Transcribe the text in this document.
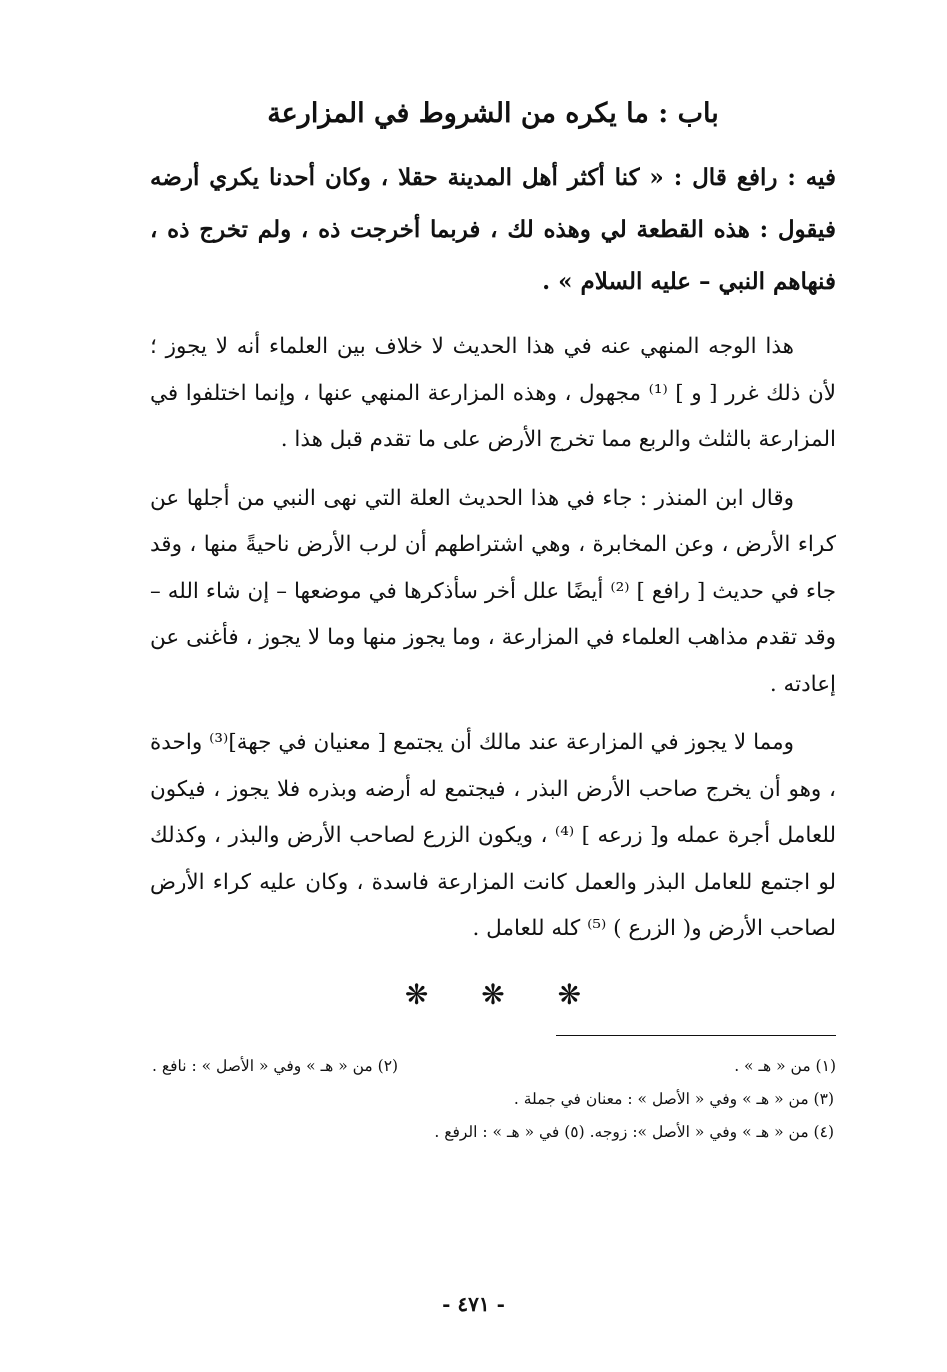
باب : ما يكره من الشروط في المزارعة

فيه : رافع قال : « كنا أكثر أهل المدينة حقلا ، وكان أحدنا يكري أرضه فيقول : هذه القطعة لي وهذه لك ، فربما أخرجت ذه ، ولم تخرج ذه ، فنهاهم النبي – عليه السلام » .

هذا الوجه المنهي عنه في هذا الحديث لا خلاف بين العلماء أنه لا يجوز ؛ لأن ذلك غرر [ و ] ⁽¹⁾ مجهول ، وهذه المزارعة المنهي عنها ، وإنما اختلفوا في المزارعة بالثلث والربع مما تخرج الأرض على ما تقدم قبل هذا .

وقال ابن المنذر : جاء في هذا الحديث العلة التي نهى النبي من أجلها عن كراء الأرض ، وعن المخابرة ، وهي اشتراطهم أن لرب الأرض ناحيةً منها ، وقد جاء في حديث [ رافع ] ⁽²⁾ أيضًا علل أخر سأذكرها في موضعها – إن شاء الله – وقد تقدم مذاهب العلماء في المزارعة ، وما يجوز منها وما لا يجوز ، فأغنى عن إعادته .

ومما لا يجوز في المزارعة عند مالك أن يجتمع [ معنيان في جهة]⁽³⁾ واحدة ، وهو أن يخرج صاحب الأرض البذر ، فيجتمع له أرضه وبذره فلا يجوز ، فيكون للعامل أجرة عمله و[ زرعه ] ⁽⁴⁾ ، ويكون الزرع لصاحب الأرض والبذر ، وكذلك لو اجتمع للعامل البذر والعمل كانت المزارعة فاسدة ، وكان عليه كراء الأرض لصاحب الأرض و( الزرع ) ⁽⁵⁾ كله للعامل .

❋ ❋ ❋
(١) من « هـ » .
(٢) من « هـ » وفي « الأصل » : نافع .
(٣) من « هـ » وفي « الأصل » : معنان في جملة .
(٤) من « هـ » وفي « الأصل »: زوجه. (٥) في « هـ » : الرفع .
- ٤٧١ -
